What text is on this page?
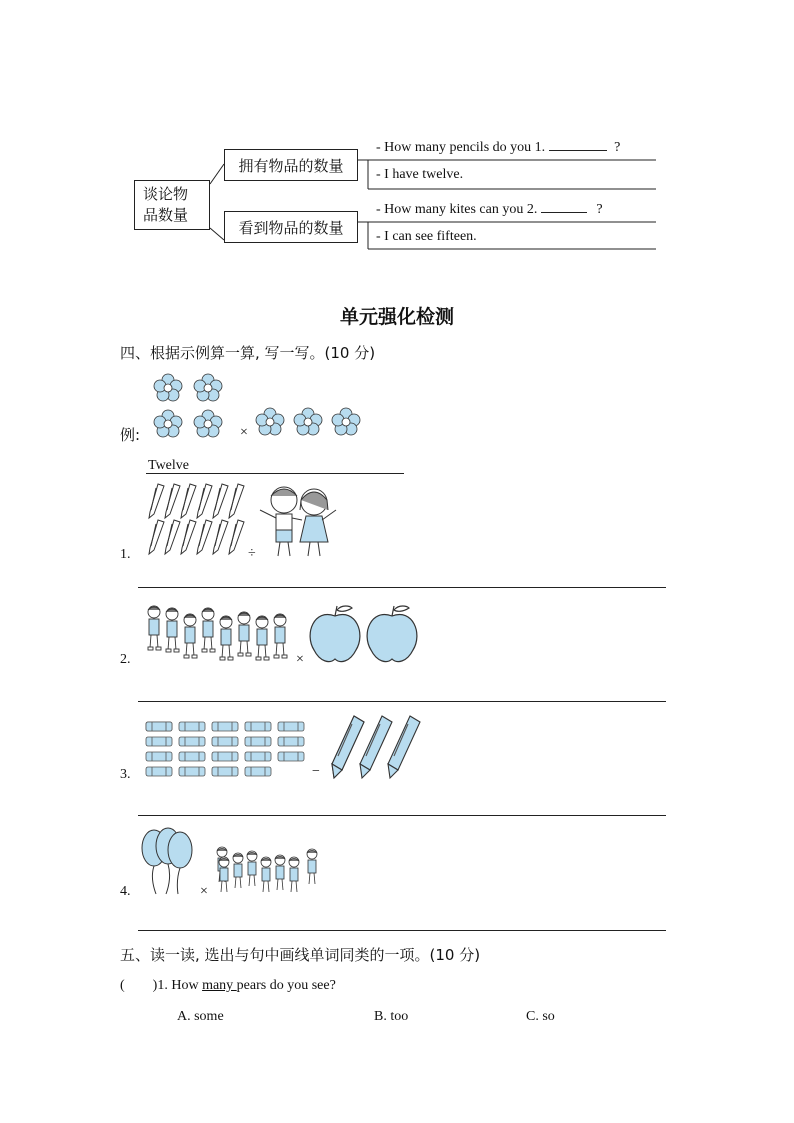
谈论物
品数量
拥有物品的数量
看到物品的数量
- How many pencils do you 1.	?
- I have twelve.
- How many kites can you 2.	?
- I can see fifteen.
单元强化检测
四、根据示例算一算, 写一写。(10 分)
例:	×
Twelve
1.	÷
2.	×
3.	−
4.	×
五、读一读, 选出与句中画线单词同类的一项。(10 分)
(        )1. How many pears do you see?
A. some	B. too	C. so
